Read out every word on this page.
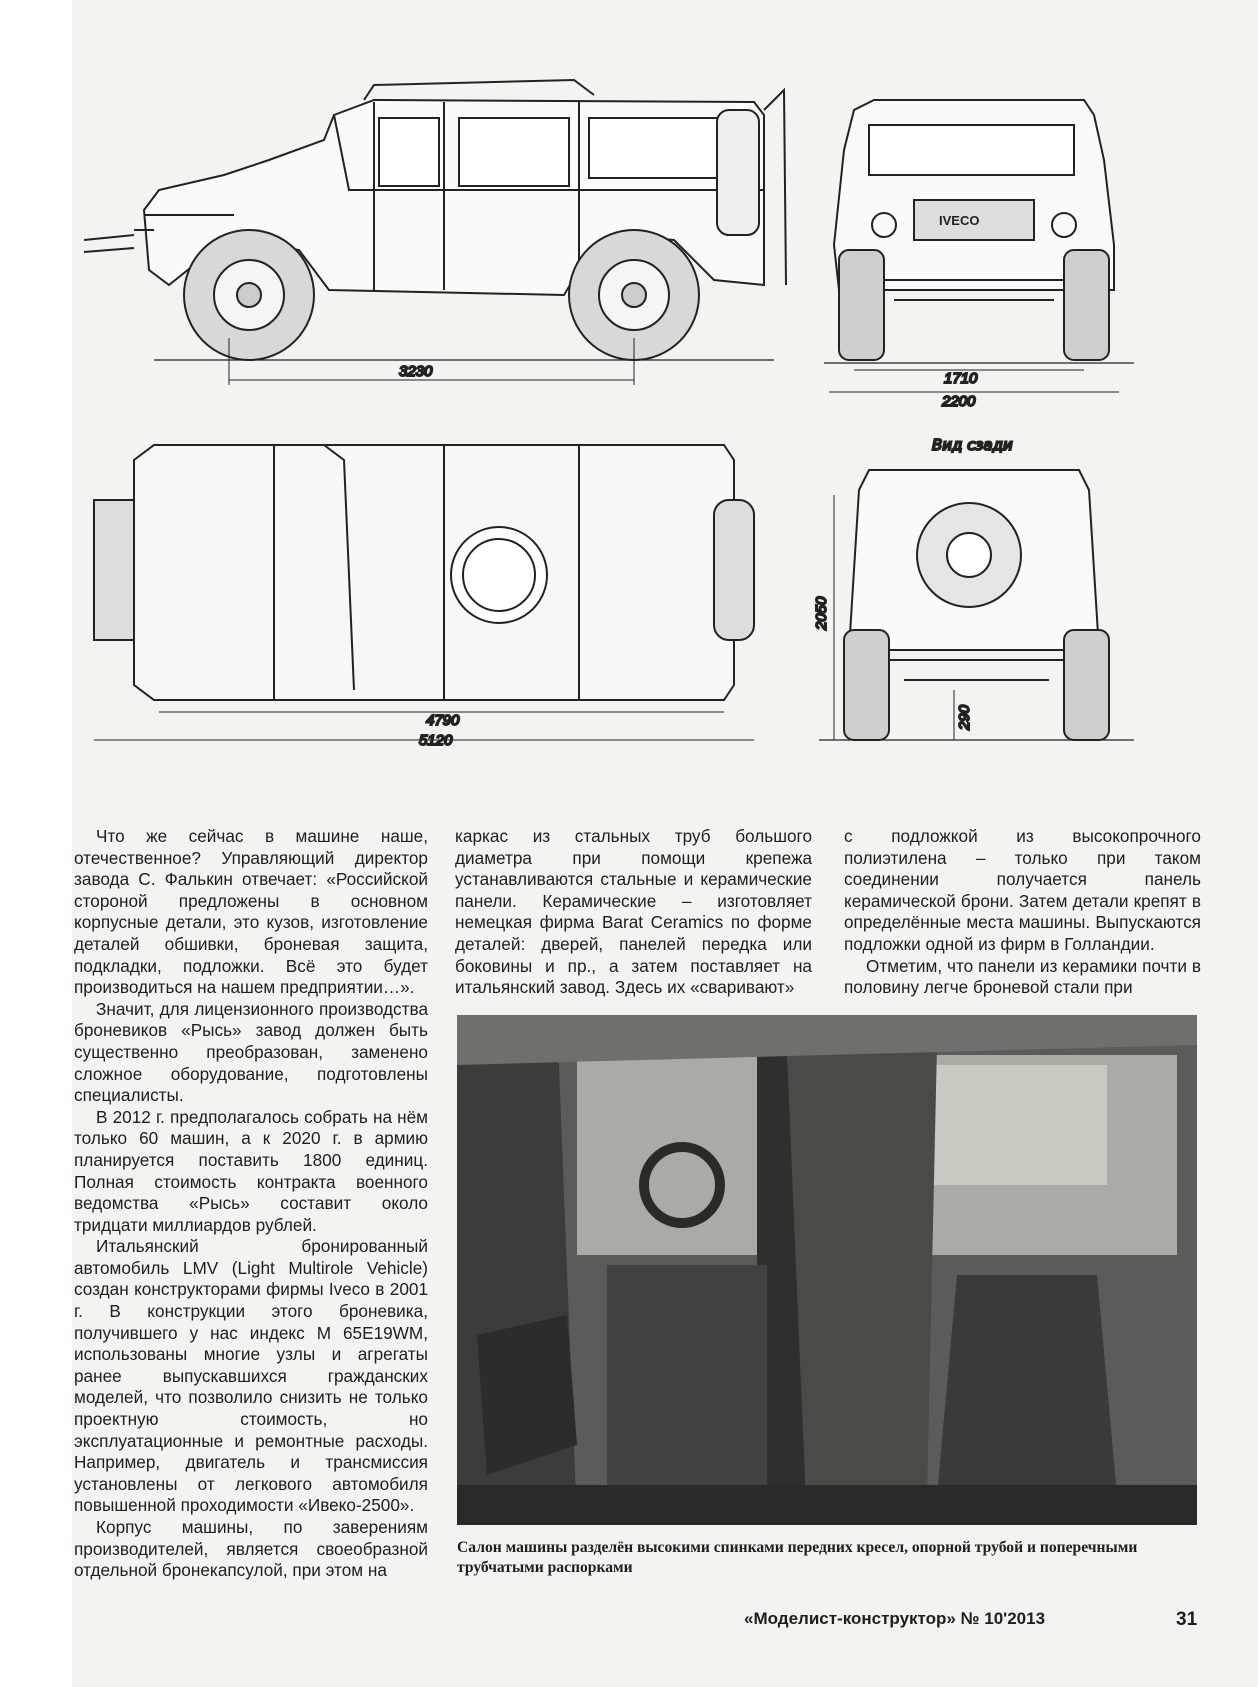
3230
IVECO
1710
2200
Вид сзади
4790
5120
2050
290

Что же сейчас в машине наше, отечественное? Управляющий директор завода С. Фалькин отвечает: «Российской стороной предложены в основном корпусные детали, это кузов, изготовление деталей обшивки, броневая защита, подкладки, подложки. Всё это будет производиться на нашем предприятии…».

Значит, для лицензионного производства броневиков «Рысь» завод должен быть существенно преобразован, заменено сложное оборудование, подготовлены специалисты.

В 2012 г. предполагалось собрать на нём только 60 машин, а к 2020 г. в армию планируется поставить 1800 единиц. Полная стоимость контракта военного ведомства «Рысь» составит около тридцати миллиардов рублей.

Итальянский бронированный автомобиль LMV (Light Multirole Vehicle) создан конструкторами фирмы Iveco в 2001 г. В конструкции этого броневика, получившего у нас индекс М 65E19WM, использованы многие узлы и агрегаты ранее выпускавшихся гражданских моделей, что позволило снизить не только проектную стоимость, но эксплуатационные и ремонтные расходы. Например, двигатель и трансмиссия установлены от легкового автомобиля повышенной проходимости «Ивеко-2500».

Корпус машины, по заверениям производителей, является своеобразной отдельной бронекапсулой, при этом на

каркас из стальных труб большого диаметра при помощи крепежа устанавливаются стальные и керамические панели. Керамические – изготовляет немецкая фирма Barat Ceramics по форме деталей: дверей, панелей передка или боковины и пр., а затем поставляет на итальянский завод. Здесь их «сваривают»

с подложкой из высокопрочного полиэтилена – только при таком соединении получается панель керамической брони. Затем детали крепят в определённые места машины. Выпускаются подложки одной из фирм в Голландии.

Отметим, что панели из керамики почти в половину легче броневой стали при

Салон машины разделён высокими спинками передних кресел, опорной трубой и поперечными трубчатыми распорками
«Моделист-конструктор» № 10'2013	31
